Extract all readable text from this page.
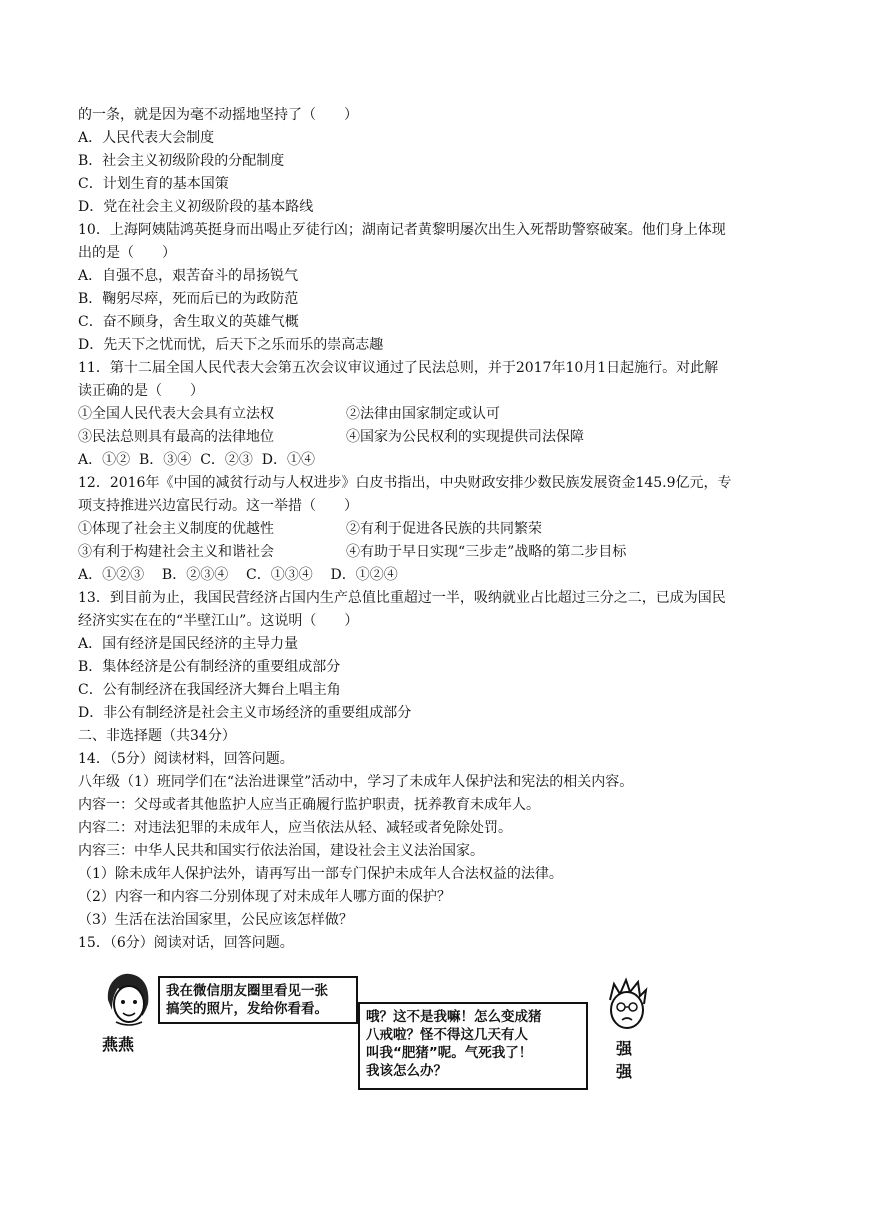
的一条，就是因为毫不动摇地坚持了（　　）
A．人民代表大会制度
B．社会主义初级阶段的分配制度
C．计划生育的基本国策
D．党在社会主义初级阶段的基本路线
10．上海阿姨陆鸿英挺身而出喝止歹徒行凶；湖南记者黄黎明屡次出生入死帮助警察破案。他们身上体现
出的是（　　）
A．自强不息，艰苦奋斗的昂扬锐气
B．鞠躬尽瘁，死而后已的为政防范
C．奋不顾身，舍生取义的英雄气概
D．先天下之忧而忧，后天下之乐而乐的崇高志趣
11．第十二届全国人民代表大会第五次会议审议通过了民法总则，并于2017年10月1日起施行。对此解
读正确的是（　　）
①全国人民代表大会具有立法权	②法律由国家制定或认可
③民法总则具有最高的法律地位	④国家为公民权利的实现提供司法保障
A．①②  B．③④  C．②③  D．①④
12．2016年《中国的减贫行动与人权进步》白皮书指出，中央财政安排少数民族发展资金145.9亿元，专
项支持推进兴边富民行动。这一举措（　　）
①体现了社会主义制度的优越性	②有利于促进各民族的共同繁荣
③有利于构建社会主义和谐社会	④有助于早日实现“三步走”战略的第二步目标
A．①②③    B．②③④    C．①③④    D．①②④
13．到目前为止，我国民营经济占国内生产总值比重超过一半，吸纳就业占比超过三分之二，已成为国民
经济实实在在的“半壁江山”。这说明（　　）
A．国有经济是国民经济的主导力量
B．集体经济是公有制经济的重要组成部分
C．公有制经济在我国经济大舞台上唱主角
D．非公有制经济是社会主义市场经济的重要组成部分
二、非选择题（共34分）
14．（5分）阅读材料，回答问题。
八年级（1）班同学们在“法治进课堂”活动中，学习了未成年人保护法和宪法的相关内容。
内容一：父母或者其他监护人应当正确履行监护职责，抚养教育未成年人。
内容二：对违法犯罪的未成年人，应当依法从轻、减轻或者免除处罚。
内容三：中华人民共和国实行依法治国，建设社会主义法治国家。
（1）除未成年人保护法外，请再写出一部专门保护未成年人合法权益的法律。
（2）内容一和内容二分别体现了对未成年人哪方面的保护？
（3）生活在法治国家里，公民应该怎样做？
15．（6分）阅读对话，回答问题。
燕燕
我在微信朋友圈里看见一张
搞笑的照片，发给你看看。	哦？这不是我嘛！怎么变成猪
八戒啦？怪不得这几天有人
叫我“肥猪”呢。气死我了！
我该怎么办？
强强
